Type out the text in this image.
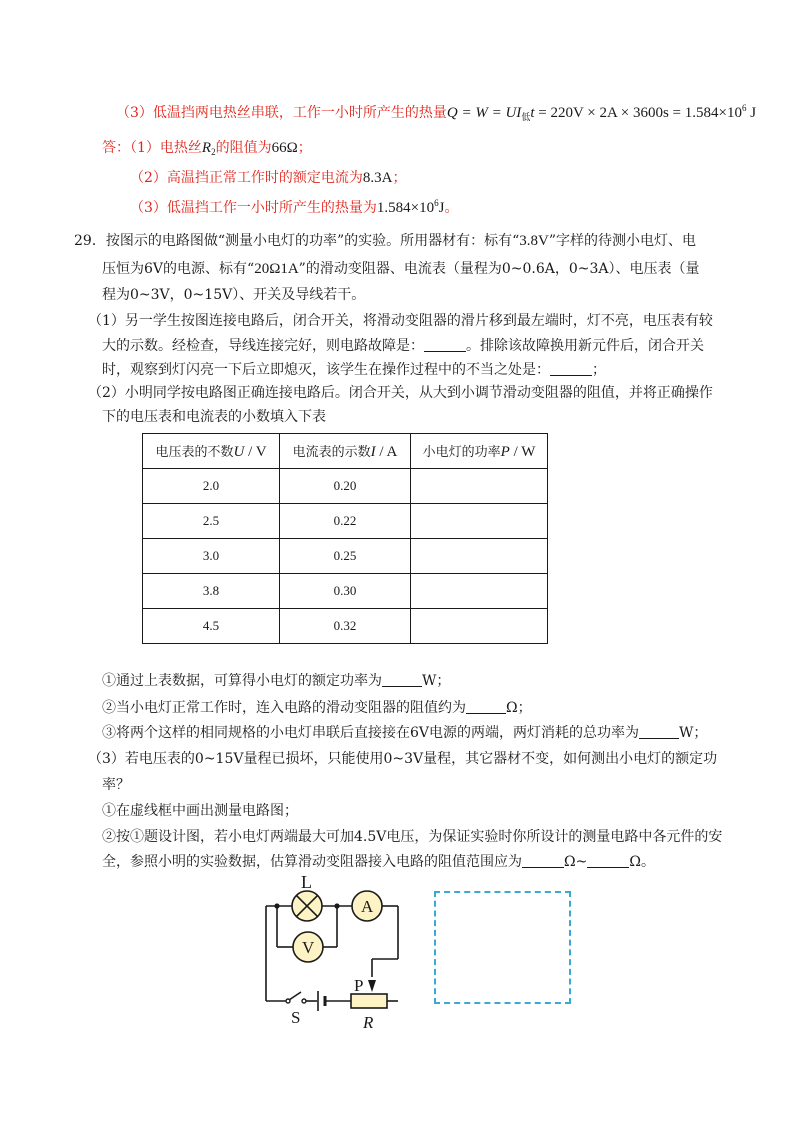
（3）低温挡两电热丝串联，工作一小时所产生的热量$Q = W = UI_低t = 220V \times 2A \times 3600s = 1.584\times 10^6$ J
答：（1）电热丝$R_2$的阻值为66Ω；
（2）高温挡正常工作时的额定电流为8.3A；
（3）低温挡工作一小时所产生的热量为$1.584\times 10^6J$。
29．按图示的电路图做“测量小电灯的功率”的实验。所用器材有：标有“3.8V”字样的待测小电灯、电
压恒为6V的电源、标有“20Ω1A”的滑动变阻器、电流表（量程为0~0.6A，0~3A）、电压表（量
程为0~3V，0~15V）、开关及导线若干。
（1）另一学生按图连接电路后，闭合开关，将滑动变阻器的滑片移到最左端时，灯不亮，电压表有较
大的示数。经检查，导线连接完好，则电路故障是：	。排除该故障换用新元件后，闭合开关
时，观察到灯闪亮一下后立即熄灭，该学生在操作过程中的不当之处是：	；
（2）小明同学按电路图正确连接电路后。闭合开关，从大到小调节滑动变阻器的阻值，并将正确操作
下的电压表和电流表的小数填入下表
电压表的不数U / V	电流表的示数I / A	小电灯的功率P / W
2.0	0.20	
2.5	0.22	
3.0	0.25	
3.8	0.30	
4.5	0.32	
①通过上表数据，可算得小电灯的额定功率为	W；
②当小电灯正常工作时，连入电路的滑动变阻器的阻值约为	Ω；
③将两个这样的相同规格的小电灯串联后直接接在6V电源的两端，两灯消耗的总功率为	W；
（3）若电压表的0~15V量程已损坏，只能使用0~3V量程，其它器材不变，如何测出小电灯的额定功
率？
①在虚线框中画出测量电路图；
②按①题设计图，若小电灯两端最大可加4.5V电压，为保证实验时你所设计的测量电路中各元件的安
全，参照小明的实验数据，估算滑动变阻器接入电路的阻值范围应为	Ω~	Ω。
L
A
V
S
P
R
